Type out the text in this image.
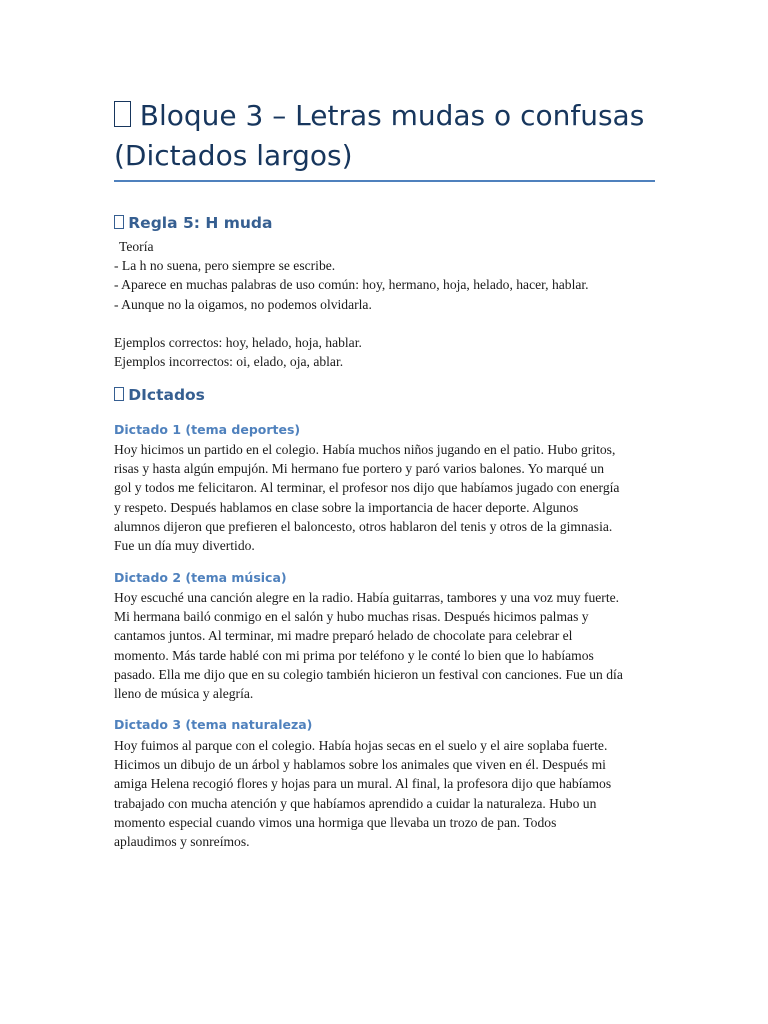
Bloque 3 – Letras mudas o confusas
(Dictados largos)
Regla 5: H muda
Teoría
- La h no suena, pero siempre se escribe.
- Aparece en muchas palabras de uso común: hoy, hermano, hoja, helado, hacer, hablar.
- Aunque no la oigamos, no podemos olvidarla.
Ejemplos correctos: hoy, helado, hoja, hablar.
Ejemplos incorrectos: oi, elado, oja, ablar.
DIctados
Dictado 1 (tema deportes)
Hoy hicimos un partido en el colegio. Había muchos niños jugando en el patio. Hubo gritos,
risas y hasta algún empujón. Mi hermano fue portero y paró varios balones. Yo marqué un
gol y todos me felicitaron. Al terminar, el profesor nos dijo que habíamos jugado con energía
y respeto. Después hablamos en clase sobre la importancia de hacer deporte. Algunos
alumnos dijeron que prefieren el baloncesto, otros hablaron del tenis y otros de la gimnasia.
Fue un día muy divertido.
Dictado 2 (tema música)
Hoy escuché una canción alegre en la radio. Había guitarras, tambores y una voz muy fuerte.
Mi hermana bailó conmigo en el salón y hubo muchas risas. Después hicimos palmas y
cantamos juntos. Al terminar, mi madre preparó helado de chocolate para celebrar el
momento. Más tarde hablé con mi prima por teléfono y le conté lo bien que lo habíamos
pasado. Ella me dijo que en su colegio también hicieron un festival con canciones. Fue un día
lleno de música y alegría.
Dictado 3 (tema naturaleza)
Hoy fuimos al parque con el colegio. Había hojas secas en el suelo y el aire soplaba fuerte.
Hicimos un dibujo de un árbol y hablamos sobre los animales que viven en él. Después mi
amiga Helena recogió flores y hojas para un mural. Al final, la profesora dijo que habíamos
trabajado con mucha atención y que habíamos aprendido a cuidar la naturaleza. Hubo un
momento especial cuando vimos una hormiga que llevaba un trozo de pan. Todos
aplaudimos y sonreímos.
